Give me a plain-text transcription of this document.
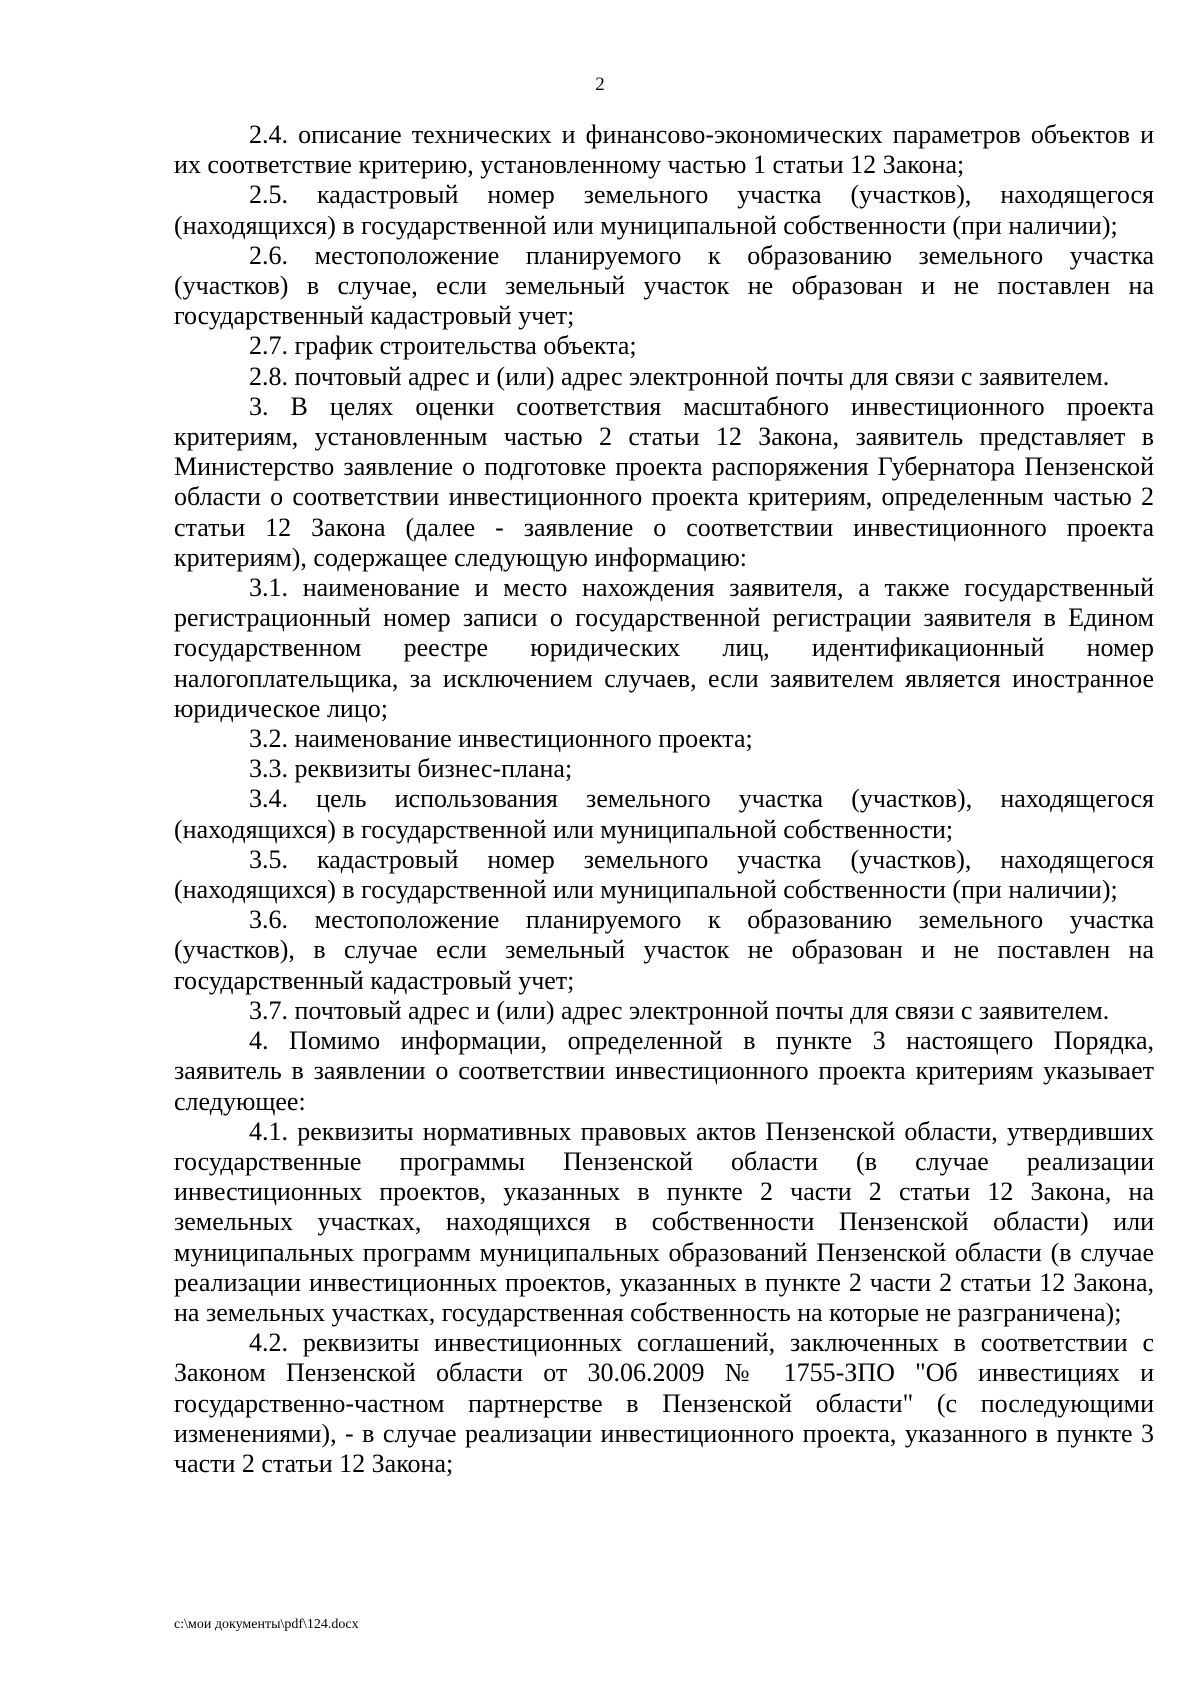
2

2.4. описание технических и финансово-экономических параметров объектов и их соответствие критерию, установленному частью 1 статьи 12 Закона;

2.5. кадастровый номер земельного участка (участков), находящегося (находящихся) в государственной или муниципальной собственности (при наличии);

2.6. местоположение планируемого к образованию земельного участка (участков) в случае, если земельный участок не образован и не поставлен на государственный кадастровый учет;

2.7. график строительства объекта;

2.8. почтовый адрес и (или) адрес электронной почты для связи с заявителем.

3. В целях оценки соответствия масштабного инвестиционного проекта критериям, установленным частью 2 статьи 12 Закона, заявитель представляет в Министерство заявление о подготовке проекта распоряжения Губернатора Пензенской области о соответствии инвестиционного проекта критериям, определенным частью 2 статьи 12 Закона (далее - заявление о соответствии инвестиционного проекта критериям), содержащее следующую информацию:

3.1. наименование и место нахождения заявителя, а также государственный регистрационный номер записи о государственной регистрации заявителя в Едином государственном реестре юридических лиц, идентификационный номер налогоплательщика, за исключением случаев, если заявителем является иностранное юридическое лицо;

3.2. наименование инвестиционного проекта;

3.3. реквизиты бизнес-плана;

3.4. цель использования земельного участка (участков), находящегося (находящихся) в государственной или муниципальной собственности;

3.5. кадастровый номер земельного участка (участков), находящегося (находящихся) в государственной или муниципальной собственности (при наличии);

3.6. местоположение планируемого к образованию земельного участка (участков), в случае если земельный участок не образован и не поставлен на государственный кадастровый учет;

3.7. почтовый адрес и (или) адрес электронной почты для связи с заявителем.

4. Помимо информации, определенной в пункте 3 настоящего Порядка, заявитель в заявлении о соответствии инвестиционного проекта критериям указывает следующее:

4.1. реквизиты нормативных правовых актов Пензенской области, утвердивших государственные программы Пензенской области (в случае реализации инвестиционных проектов, указанных в пункте 2 части 2 статьи 12 Закона, на земельных участках, находящихся в собственности Пензенской области) или муниципальных программ муниципальных образований Пензенской области (в случае реализации инвестиционных проектов, указанных в пункте 2 части 2 статьи 12 Закона, на земельных участках, государственная собственность на которые не разграничена);

4.2. реквизиты инвестиционных соглашений, заключенных в соответствии с Законом Пензенской области от 30.06.2009 № 1755-ЗПО "Об инвестициях и государственно-частном партнерстве в Пензенской области" (с последующими изменениями), - в случае реализации инвестиционного проекта, указанного в пункте 3 части 2 статьи 12 Закона;

c:\мои документы\pdf\124.docx
